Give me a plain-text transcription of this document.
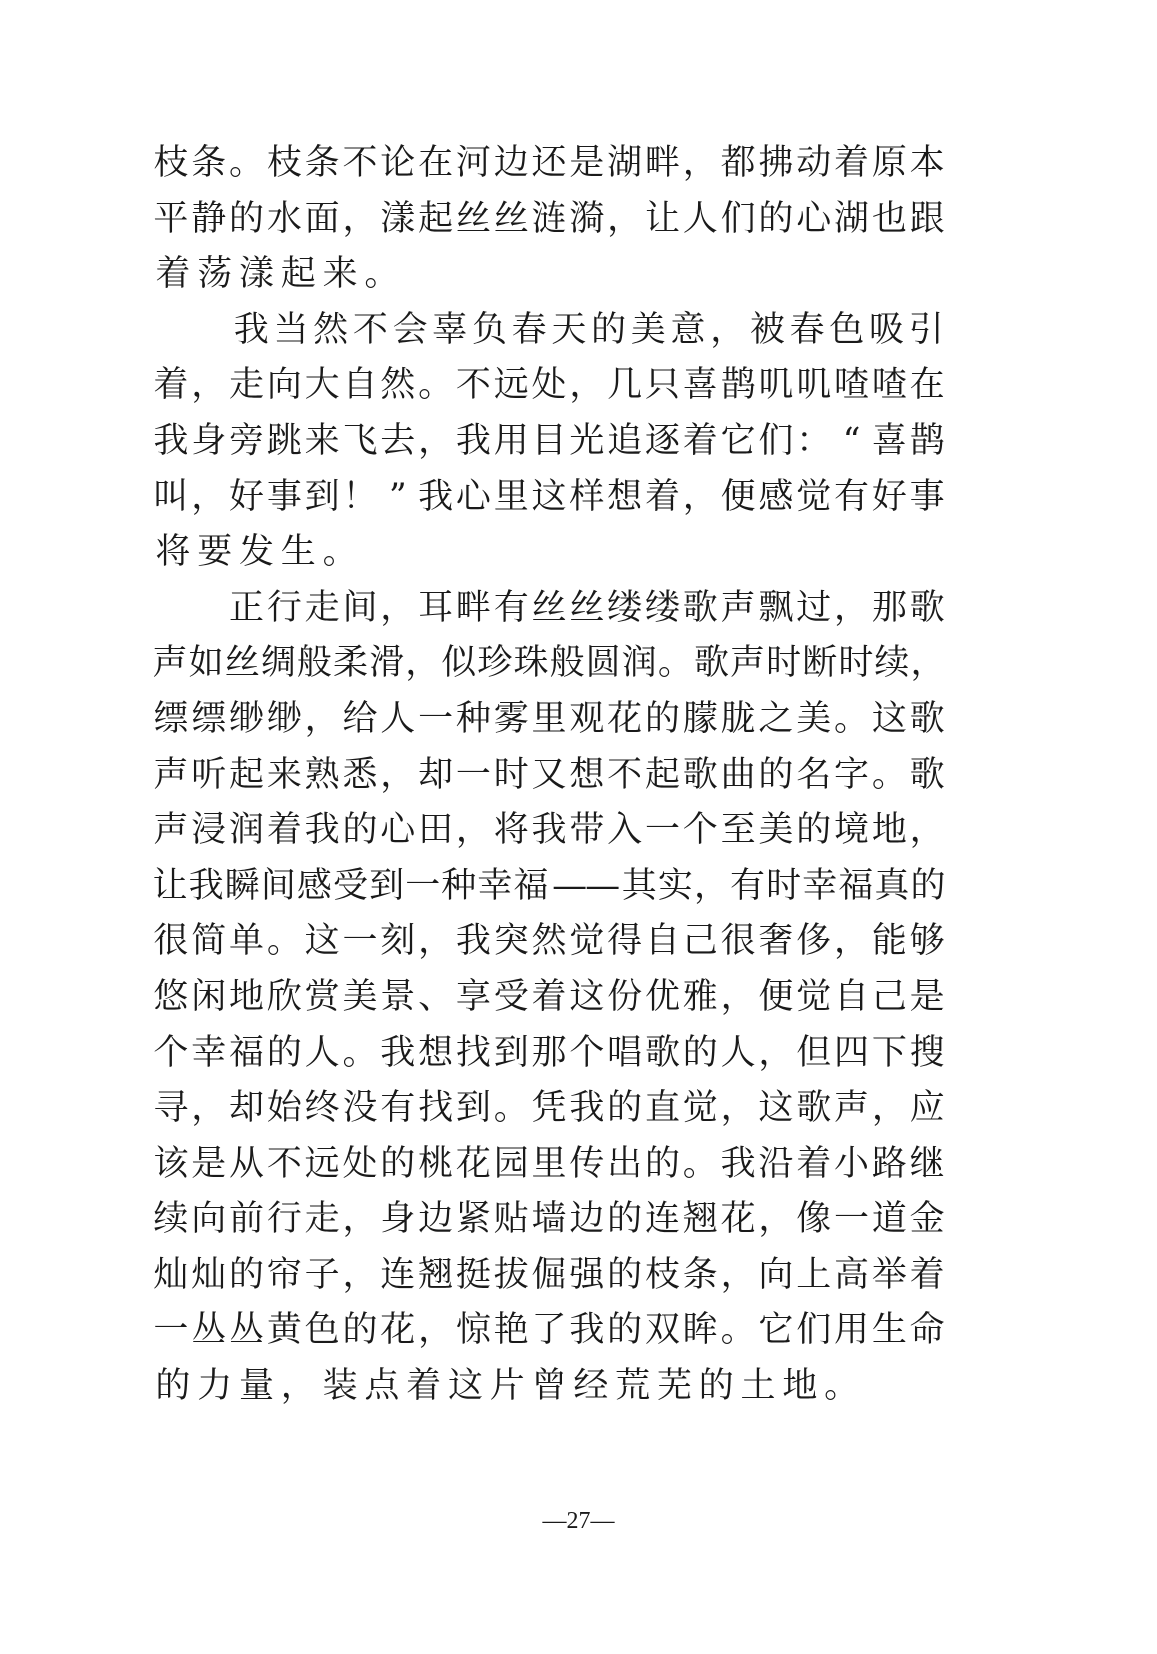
枝 条 。 枝 条 不 论 在 河 边 还 是 湖 畔 ， 都 拂 动 着 原 本
平 静 的 水 面 ， 漾 起 丝 丝 涟 漪 ， 让 人 们 的 心 湖 也 跟
着 荡 漾 起 来 。
我 当 然 不 会 辜 负 春 天 的 美 意 ， 被 春 色 吸 引
着 ， 走 向 大 自 然 。 不 远 处 ， 几 只 喜 鹊 叽 叽 喳 喳 在
我 身 旁 跳 来 飞 去 ， 我 用 目 光 追 逐 着 它 们 ： “ 喜 鹊
叫 ， 好 事 到 ！ ” 我 心 里 这 样 想 着 ， 便 感 觉 有 好 事
将 要 发 生 。
正 行 走 间 ， 耳 畔 有 丝 丝 缕 缕 歌 声 飘 过 ， 那 歌
声 如 丝 绸 般 柔 滑 ， 似 珍 珠 般 圆 润 。 歌 声 时 断 时 续 ，
缥 缥 缈 缈 ， 给 人 一 种 雾 里 观 花 的 朦 胧 之 美 。 这 歌
声 听 起 来 熟 悉 ， 却 一 时 又 想 不 起 歌 曲 的 名 字 。 歌
声 浸 润 着 我 的 心 田 ， 将 我 带 入 一 个 至 美 的 境 地 ，
让 我 瞬 间 感 受 到 一 种 幸 福 —— 其 实 ， 有 时 幸 福 真 的
很 简 单 。 这 一 刻 ， 我 突 然 觉 得 自 己 很 奢 侈 ， 能 够
悠 闲 地 欣 赏 美 景 、 享 受 着 这 份 优 雅 ， 便 觉 自 己 是
个 幸 福 的 人 。 我 想 找 到 那 个 唱 歌 的 人 ， 但 四 下 搜
寻 ， 却 始 终 没 有 找 到 。 凭 我 的 直 觉 ， 这 歌 声 ， 应
该 是 从 不 远 处 的 桃 花 园 里 传 出 的 。 我 沿 着 小 路 继
续 向 前 行 走 ， 身 边 紧 贴 墙 边 的 连 翘 花 ， 像 一 道 金
灿 灿 的 帘 子 ， 连 翘 挺 拔 倔 强 的 枝 条 ， 向 上 高 举 着
一 丛 丛 黄 色 的 花 ， 惊 艳 了 我 的 双 眸 。 它 们 用 生 命
的 力 量 ， 装 点 着 这 片 曾 经 荒 芜 的 土 地 。
—27—
